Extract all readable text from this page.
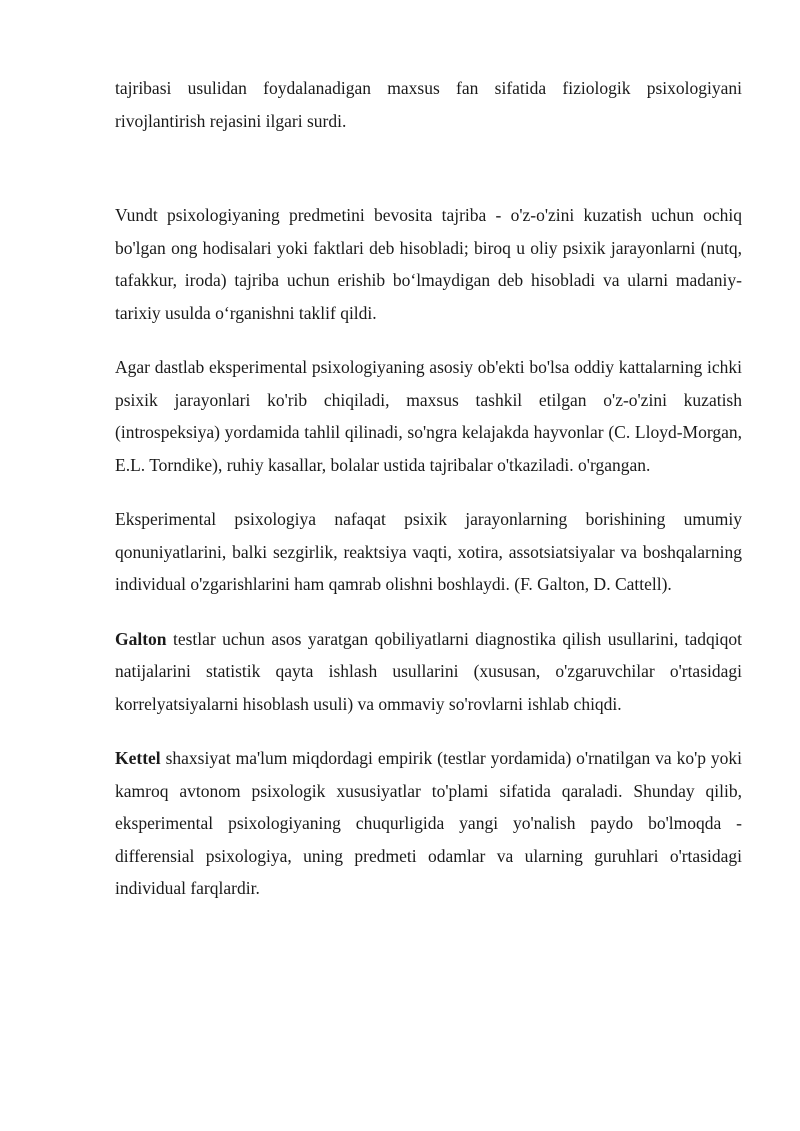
tajribasi usulidan foydalanadigan maxsus fan sifatida fiziologik psixologiyani rivojlantirish rejasini ilgari surdi.

Vundt psixologiyaning predmetini bevosita tajriba - o'z-o'zini kuzatish uchun ochiq bo'lgan ong hodisalari yoki faktlari deb hisobladi; biroq u oliy psixik jarayonlarni (nutq, tafakkur, iroda) tajriba uchun erishib bo‘lmaydigan deb hisobladi va ularni madaniy-tarixiy usulda o‘rganishni taklif qildi.

Agar dastlab eksperimental psixologiyaning asosiy ob'ekti bo'lsa oddiy kattalarning ichki psixik jarayonlari ko'rib chiqiladi, maxsus tashkil etilgan o'z-o'zini kuzatish (introspeksiya) yordamida tahlil qilinadi, so'ngra kelajakda hayvonlar (C. Lloyd-Morgan, E.L. Torndike), ruhiy kasallar, bolalar ustida tajribalar o'tkaziladi. o'rgangan.

Eksperimental psixologiya nafaqat psixik jarayonlarning borishining umumiy qonuniyatlarini, balki sezgirlik, reaktsiya vaqti, xotira, assotsiatsiyalar va boshqalarning individual o'zgarishlarini ham qamrab olishni boshlaydi. (F. Galton, D. Cattell).

Galton testlar uchun asos yaratgan qobiliyatlarni diagnostika qilish usullarini, tadqiqot natijalarini statistik qayta ishlash usullarini (xususan, o'zgaruvchilar o'rtasidagi korrelyatsiyalarni hisoblash usuli) va ommaviy so'rovlarni ishlab chiqdi.

Kettel shaxsiyat ma'lum miqdordagi empirik (testlar yordamida) o'rnatilgan va ko'p yoki kamroq avtonom psixologik xususiyatlar to'plami sifatida qaraladi. Shunday qilib, eksperimental psixologiyaning chuqurligida yangi yo'nalish paydo bo'lmoqda - differensial psixologiya, uning predmeti odamlar va ularning guruhlari o'rtasidagi individual farqlardir.
